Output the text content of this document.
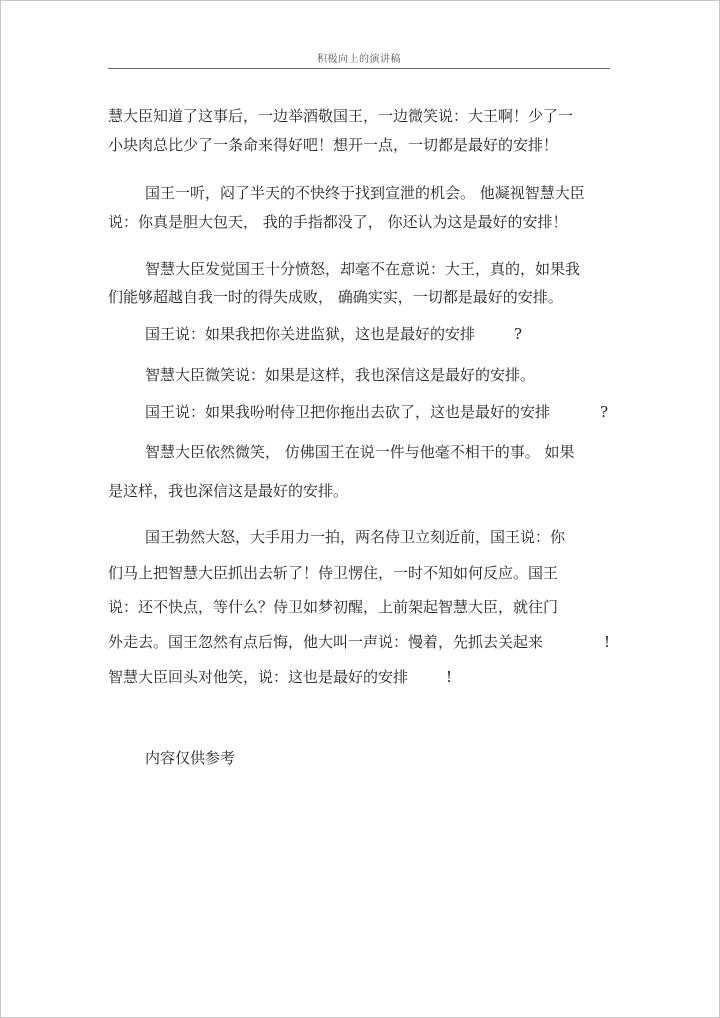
积极向上的演讲稿
慧大臣知道了这事后，一边举酒敬国王，一边微笑说：大王啊！少了一
小块肉总比少了一条命来得好吧！想开一点，一切都是最好的安排！
国王一听，闷了半天的不快终于找到宣泄的机会。 他凝视智慧大臣
说：你真是胆大包天， 我的手指都没了， 你还认为这是最好的安排！
智慧大臣发觉国王十分愤怒，却毫不在意说：大王，真的，如果我
们能够超越自我一时的得失成败， 确确实实，一切都是最好的安排。
国王说：如果我把你关进监狱，这也是最好的安排	?
智慧大臣微笑说：如果是这样，我也深信这是最好的安排。
国王说：如果我吩咐侍卫把你拖出去砍了，这也是最好的安排	?
智慧大臣依然微笑， 仿佛国王在说一件与他毫不相干的事。 如果
是这样，我也深信这是最好的安排。
国王勃然大怒，大手用力一拍，两名侍卫立刻近前，国王说：你
们马上把智慧大臣抓出去斩了！侍卫愣住，一时不知如何反应。国王
说：还不快点，等什么？侍卫如梦初醒，上前架起智慧大臣，就往门
外走去。国王忽然有点后悔，他大叫一声说：慢着，先抓去关起来	!
智慧大臣回头对他笑，说：这也是最好的安排	!
内容仅供参考
